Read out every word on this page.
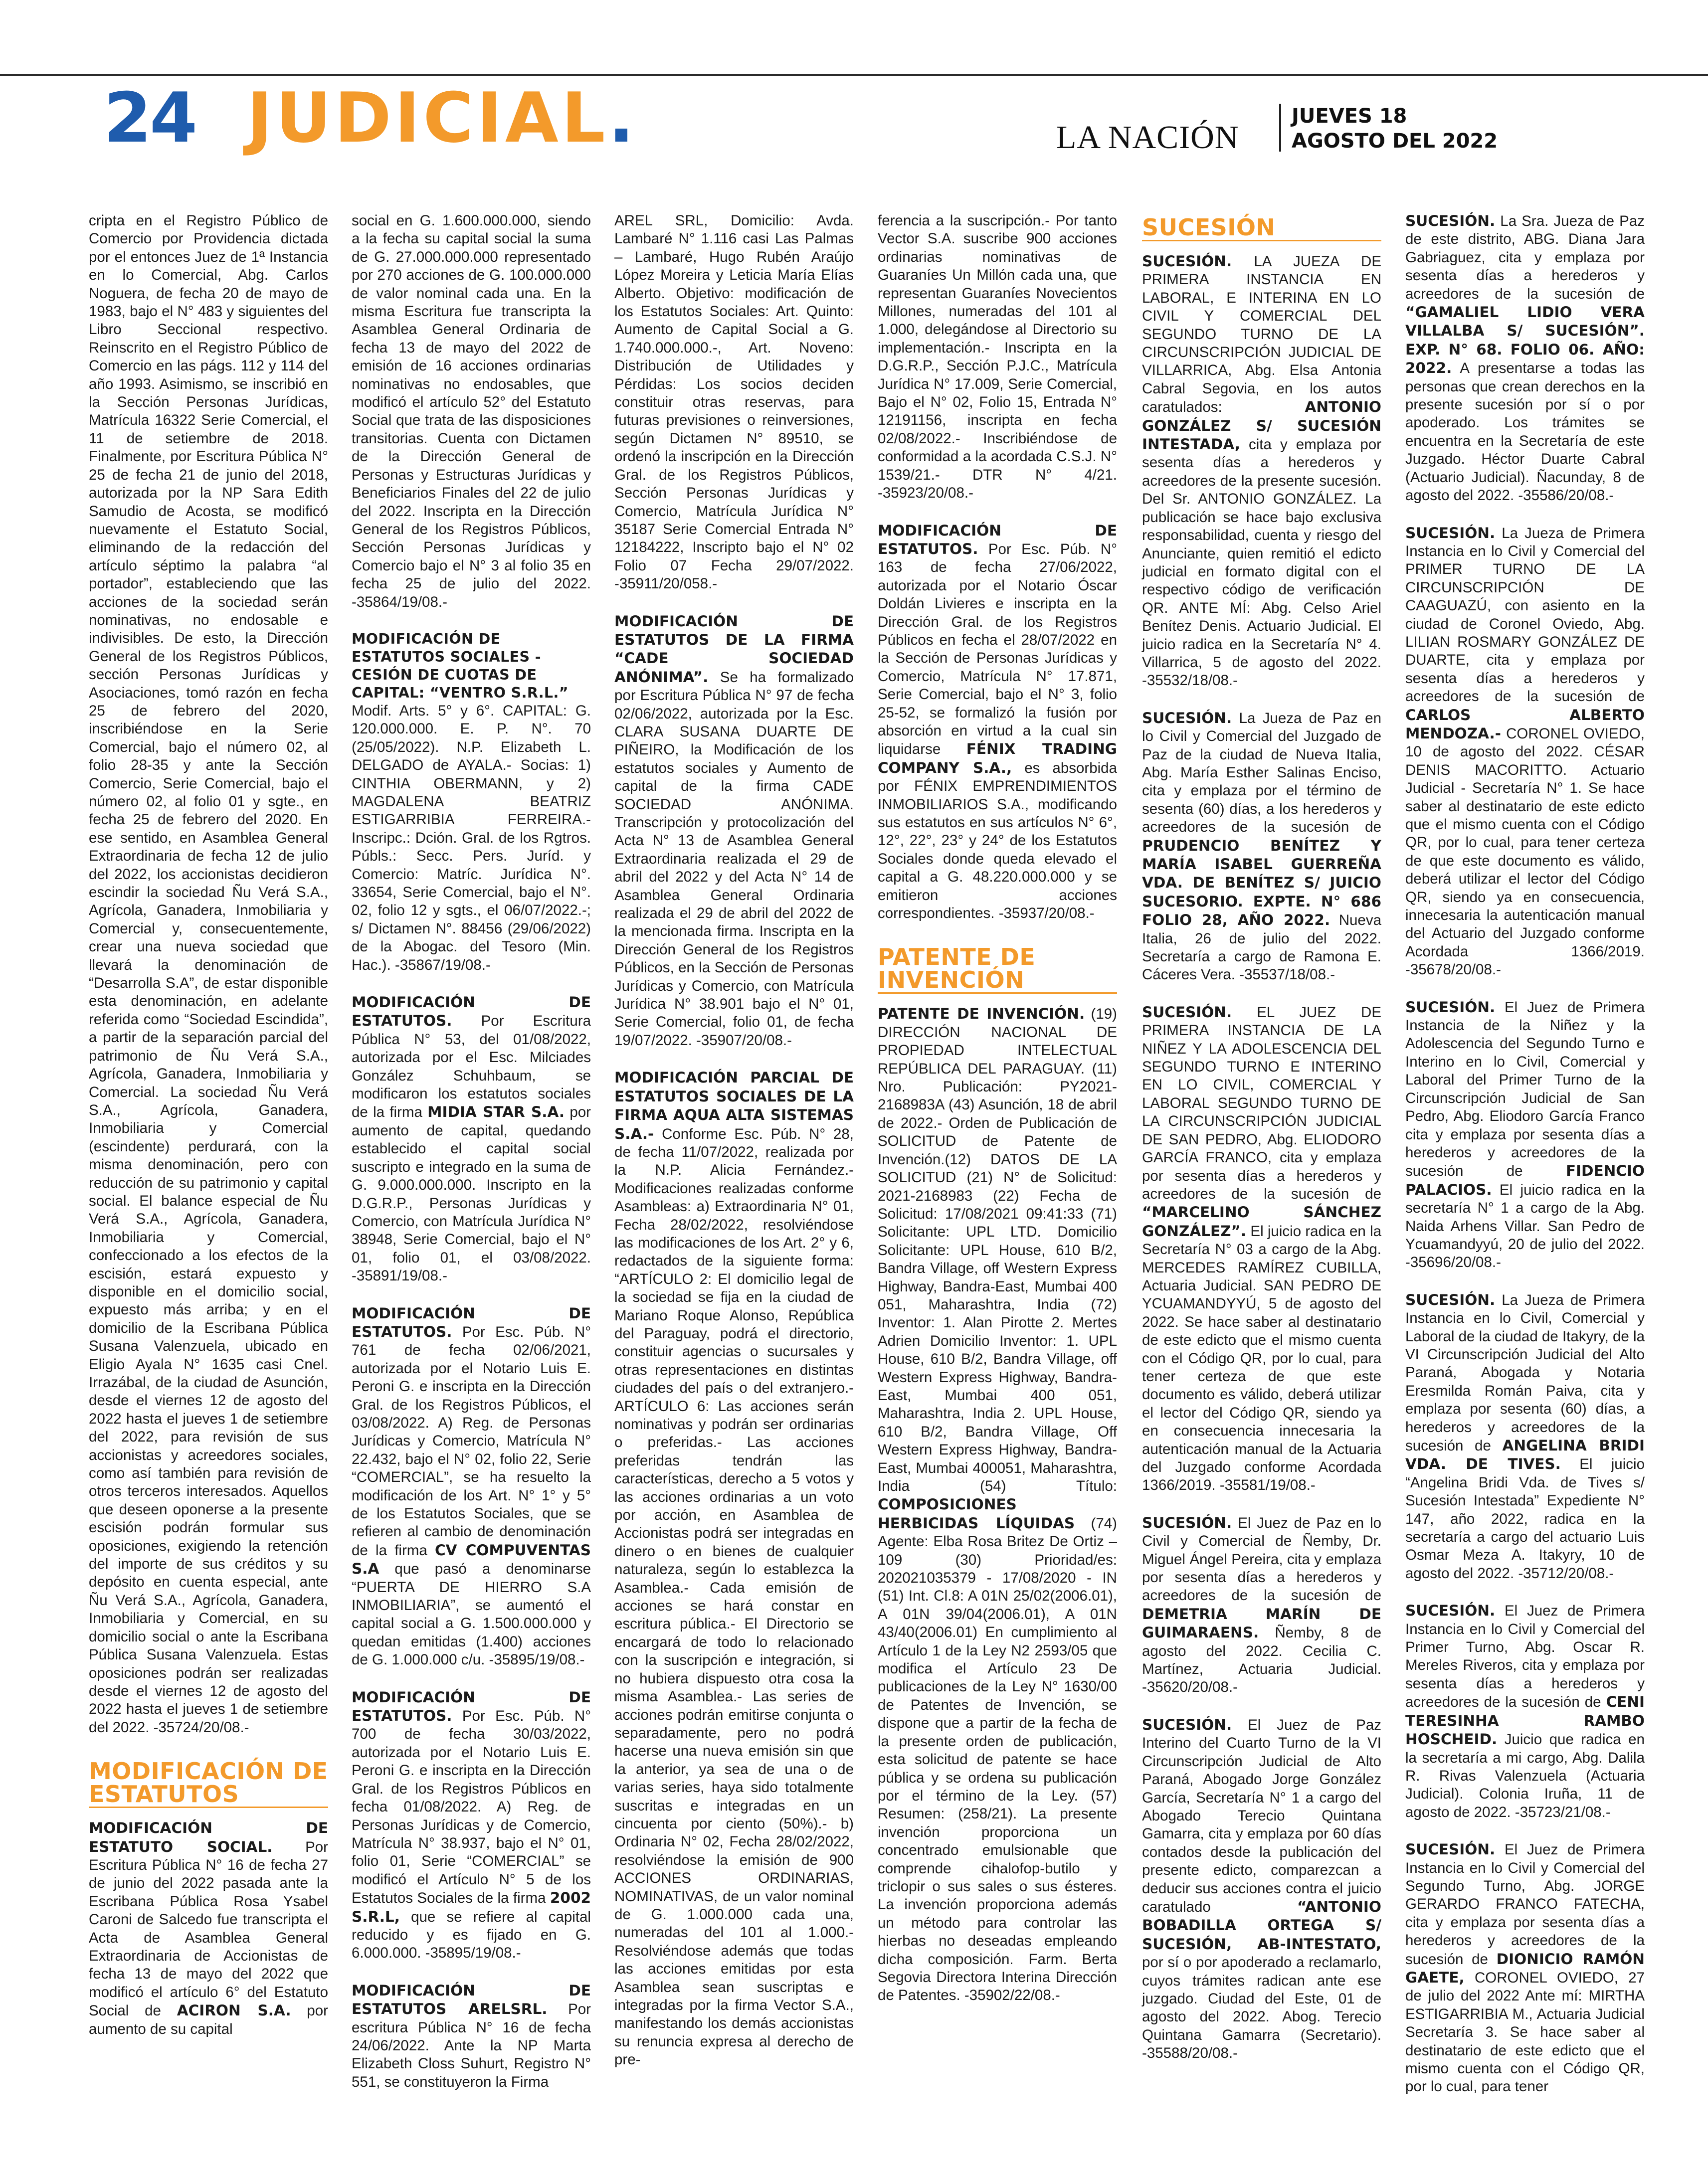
24 JUDICIAL.	LA NACIÓN
JUEVES 18
AGOSTO DEL 2022

cripta en el Registro Público de Comercio por Providencia dictada por el entonces Juez de 1ª Instancia en lo Comercial, Abg. Carlos Noguera, de fecha 20 de mayo de 1983, bajo el N° 483 y siguientes del Libro Seccional respectivo. Reinscrito en el Registro Público de Comercio en las págs. 112 y 114 del año 1993. Asimismo, se inscribió en la Sección Personas Jurídicas, Matrícula 16322 Serie Comercial, el 11 de setiembre de 2018. Finalmente, por Escritura Pública N° 25 de fecha 21 de junio del 2018, autorizada por la NP Sara Edith Samudio de Acosta, se modificó nuevamente el Estatuto Social, eliminando de la redacción del artículo séptimo la palabra “al portador”, estableciendo que las acciones de la sociedad serán nominativas, no endosable e indivisibles. De esto, la Dirección General de los Registros Públicos, sección Personas Jurídicas y Asociaciones, tomó razón en fecha 25 de febrero del 2020, inscribiéndose en la Serie Comercial, bajo el número 02, al folio 28-35 y ante la Sección Comercio, Serie Comercial, bajo el número 02, al folio 01 y sgte., en fecha 25 de febrero del 2020. En ese sentido, en Asamblea General Extraordinaria de fecha 12 de julio del 2022, los accionistas decidieron escindir la sociedad Ñu Verá S.A., Agrícola, Ganadera, Inmobiliaria y Comercial y, consecuentemente, crear una nueva sociedad que llevará la denominación de “Desarrolla S.A”, de estar disponible esta denominación, en adelante referida como “Sociedad Escindida”, a partir de la separación parcial del patrimonio de Ñu Verá S.A., Agrícola, Ganadera, Inmobiliaria y Comercial. La sociedad Ñu Verá S.A., Agrícola, Ganadera, Inmobiliaria y Comercial (escindente) perdurará, con la misma denominación, pero con reducción de su patrimonio y capital social. El balance especial de Ñu Verá S.A., Agrícola, Ganadera, Inmobiliaria y Comercial, confeccionado a los efectos de la escisión, estará expuesto y disponible en el domicilio social, expuesto más arriba; y en el domicilio de la Escribana Pública Susana Valenzuela, ubicado en Eligio Ayala N° 1635 casi Cnel. Irrazábal, de la ciudad de Asunción, desde el viernes 12 de agosto del 2022 hasta el jueves 1 de setiembre del 2022, para revisión de sus accionistas y acreedores sociales, como así también para revisión de otros terceros interesados. Aquellos que deseen oponerse a la presente escisión podrán formular sus oposiciones, exigiendo la retención del importe de sus créditos y su depósito en cuenta especial, ante Ñu Verá S.A., Agrícola, Ganadera, Inmobiliaria y Comercial, en su domicilio social o ante la Escribana Pública Susana Valenzuela. Estas oposiciones podrán ser realizadas desde el viernes 12 de agosto del 2022 hasta el jueves 1 de setiembre del 2022. -35724/20/08.-

MODIFICACIÓN DE ESTATUTOS

MODIFICACIÓN DE ESTATUTO SOCIAL. Por Escritura Pública N° 16 de fecha 27 de junio del 2022 pasada ante la Escribana Pública Rosa Ysabel Caroni de Salcedo fue transcripta el Acta de Asamblea General Extraordinaria de Accionistas de fecha 13 de mayo del 2022 que modificó el artículo 6° del Estatuto Social de ACIRON S.A. por aumento de su capital

social en G. 1.600.000.000, siendo a la fecha su capital social la suma de G. 27.000.000.000 representado por 270 acciones de G. 100.000.000 de valor nominal cada una. En la misma Escritura fue transcripta la Asamblea General Ordinaria de fecha 13 de mayo del 2022 de emisión de 16 acciones ordinarias nominativas no endosables, que modificó el artículo 52° del Estatuto Social que trata de las disposiciones transitorias. Cuenta con Dictamen de la Dirección General de Personas y Estructuras Jurídicas y Beneficiarios Finales del 22 de julio del 2022. Inscripta en la Dirección General de los Registros Públicos, Sección Personas Jurídicas y Comercio bajo el N° 3 al folio 35 en fecha 25 de julio del 2022. -35864/19/08.-

MODIFICACIÓN DE ESTATUTOS SOCIALES - CESIÓN DE CUOTAS DE CAPITAL: “VENTRO S.R.L.”

Modif. Arts. 5° y 6°. CAPITAL: G. 120.000.000. E. P. N°. 70 (25/05/2022). N.P. Elizabeth L. DELGADO de AYALA.- Socias: 1) CINTHIA OBERMANN, y 2) MAGDALENA BEATRIZ ESTIGARRIBIA FERREIRA.- Inscripc.: Dción. Gral. de los Rgtros. Públs.: Secc. Pers. Juríd. y Comercio: Matríc. Jurídica N°. 33654, Serie Comercial, bajo el N°. 02, folio 12 y sgts., el 06/07/2022.-; s/ Dictamen N°. 88456 (29/06/2022) de la Abogac. del Tesoro (Min. Hac.). -35867/19/08.-

MODIFICACIÓN DE ESTATUTOS. Por Escritura Pública N° 53, del 01/08/2022, autorizada por el Esc. Milciades González Schuhbaum, se modificaron los estatutos sociales de la firma MIDIA STAR S.A. por aumento de capital, quedando establecido el capital social suscripto e integrado en la suma de G. 9.000.000.000. Inscripto en la D.G.R.P., Personas Jurídicas y Comercio, con Matrícula Jurídica N° 38948, Serie Comercial, bajo el N° 01, folio 01, el 03/08/2022. -35891/19/08.-

MODIFICACIÓN DE ESTATUTOS. Por Esc. Púb. N° 761 de fecha 02/06/2021, autorizada por el Notario Luis E. Peroni G. e inscripta en la Dirección Gral. de los Registros Públicos, el 03/08/2022. A) Reg. de Personas Jurídicas y Comercio, Matrícula N° 22.432, bajo el N° 02, folio 22, Serie “COMERCIAL”, se ha resuelto la modificación de los Art. N° 1° y 5° de los Estatutos Sociales, que se refieren al cambio de denominación de la firma CV COMPUVENTAS S.A que pasó a denominarse “PUERTA DE HIERRO S.A INMOBILIARIA”, se aumentó el capital social a G. 1.500.000.000 y quedan emitidas (1.400) acciones de G. 1.000.000 c/u. -35895/19/08.-

MODIFICACIÓN DE ESTATUTOS. Por Esc. Púb. N° 700 de fecha 30/03/2022, autorizada por el Notario Luis E. Peroni G. e inscripta en la Dirección Gral. de los Registros Públicos en fecha 01/08/2022. A) Reg. de Personas Jurídicas y de Comercio, Matrícula N° 38.937, bajo el N° 01, folio 01, Serie “COMERCIAL” se modificó el Artículo N° 5 de los Estatutos Sociales de la firma 2002 S.R.L, que se refiere al capital reducido y es fijado en G. 6.000.000. -35895/19/08.-

MODIFICACIÓN DE ESTATUTOS ARELSRL. Por escritura Pública N° 16 de fecha 24/06/2022. Ante la NP Marta Elizabeth Closs Suhurt, Registro N° 551, se constituyeron la Firma

AREL SRL, Domicilio: Avda. Lambaré N° 1.116 casi Las Palmas – Lambaré, Hugo Rubén Araújo López Moreira y Leticia María Elías Alberto. Objetivo: modificación de los Estatutos Sociales: Art. Quinto: Aumento de Capital Social a G. 1.740.000.000.-, Art. Noveno: Distribución de Utilidades y Pérdidas: Los socios deciden constituir otras reservas, para futuras previsiones o reinversiones, según Dictamen N° 89510, se ordenó la inscripción en la Dirección Gral. de los Registros Públicos, Sección Personas Jurídicas y Comercio, Matrícula Jurídica N° 35187 Serie Comercial Entrada N° 12184222, Inscripto bajo el N° 02 Folio 07 Fecha 29/07/2022. -35911/20/058.-

MODIFICACIÓN DE ESTATUTOS DE LA FIRMA “CADE SOCIEDAD ANÓNIMA”. Se ha formalizado por Escritura Pública N° 97 de fecha 02/06/2022, autorizada por la Esc. CLARA SUSANA DUARTE DE PIÑEIRO, la Modificación de los estatutos sociales y Aumento de capital de la firma CADE SOCIEDAD ANÓNIMA. Transcripción y protocolización del Acta N° 13 de Asamblea General Extraordinaria realizada el 29 de abril del 2022 y del Acta N° 14 de Asamblea General Ordinaria realizada el 29 de abril del 2022 de la mencionada firma. Inscripta en la Dirección General de los Registros Públicos, en la Sección de Personas Jurídicas y Comercio, con Matrícula Jurídica N° 38.901 bajo el N° 01, Serie Comercial, folio 01, de fecha 19/07/2022. -35907/20/08.-

MODIFICACIÓN PARCIAL DE ESTATUTOS SOCIALES DE LA FIRMA AQUA ALTA SISTEMAS S.A.- Conforme Esc. Púb. N° 28, de fecha 11/07/2022, realizada por la N.P. Alicia Fernández.- Modificaciones realizadas conforme Asambleas: a) Extraordinaria N° 01, Fecha 28/02/2022, resolviéndose las modificaciones de los Art. 2° y 6, redactados de la siguiente forma: “ARTÍCULO 2: El domicilio legal de la sociedad se fija en la ciudad de Mariano Roque Alonso, República del Paraguay, podrá el directorio, constituir agencias o sucursales y otras representaciones en distintas ciudades del país o del extranjero.- ARTÍCULO 6: Las acciones serán nominativas y podrán ser ordinarias o preferidas.- Las acciones preferidas tendrán las características, derecho a 5 votos y las acciones ordinarias a un voto por acción, en Asamblea de Accionistas podrá ser integradas en dinero o en bienes de cualquier naturaleza, según lo establezca la Asamblea.- Cada emisión de acciones se hará constar en escritura pública.- El Directorio se encargará de todo lo relacionado con la suscripción e integración, si no hubiera dispuesto otra cosa la misma Asamblea.- Las series de acciones podrán emitirse conjunta o separadamente, pero no podrá hacerse una nueva emisión sin que la anterior, ya sea de una o de varias series, haya sido totalmente suscritas e integradas en un cincuenta por ciento (50%).- b) Ordinaria N° 02, Fecha 28/02/2022, resolviéndose la emisión de 900 ACCIONES ORDINARIAS, NOMINATIVAS, de un valor nominal de G. 1.000.000 cada una, numeradas del 101 al 1.000.- Resolviéndose además que todas las acciones emitidas por esta Asamblea sean suscriptas e integradas por la firma Vector S.A., manifestando los demás accionistas su renuncia expresa al derecho de pre-

ferencia a la suscripción.- Por tanto Vector S.A. suscribe 900 acciones ordinarias nominativas de Guaraníes Un Millón cada una, que representan Guaraníes Novecientos Millones, numeradas del 101 al 1.000, delegándose al Directorio su implementación.- Inscripta en la D.G.R.P., Sección P.J.C., Matrícula Jurídica N° 17.009, Serie Comercial, Bajo el N° 02, Folio 15, Entrada N° 12191156, inscripta en fecha 02/08/2022.- Inscribiéndose de conformidad a la acordada C.S.J. N° 1539/21.- DTR N° 4/21. -35923/20/08.-

MODIFICACIÓN DE ESTATUTOS. Por Esc. Púb. N° 163 de fecha 27/06/2022, autorizada por el Notario Óscar Doldán Livieres e inscripta en la Dirección Gral. de los Registros Públicos en fecha el 28/07/2022 en la Sección de Personas Jurídicas y Comercio, Matrícula N° 17.871, Serie Comercial, bajo el N° 3, folio 25-52, se formalizó la fusión por absorción en virtud a la cual sin liquidarse FÉNIX TRADING COMPANY S.A., es absorbida por FÉNIX EMPRENDIMIENTOS INMOBILIARIOS S.A., modificando sus estatutos en sus artículos N° 6°, 12°, 22°, 23° y 24° de los Estatutos Sociales donde queda elevado el capital a G. 48.220.000.000 y se emitieron acciones correspondientes. -35937/20/08.-

PATENTE DE INVENCIÓN

PATENTE DE INVENCIÓN. (19) DIRECCIÓN NACIONAL DE PROPIEDAD INTELECTUAL REPÚBLICA DEL PARAGUAY. (11) Nro. Publicación: PY2021-2168983A (43) Asunción, 18 de abril de 2022.- Orden de Publicación de SOLICITUD de Patente de Invención.(12) DATOS DE LA SOLICITUD (21) N° de Solicitud: 2021-2168983 (22) Fecha de Solicitud: 17/08/2021 09:41:33 (71) Solicitante: UPL LTD. Domicilio Solicitante: UPL House, 610 B/2, Bandra Village, off Western Express Highway, Bandra-East, Mumbai 400 051, Maharashtra, India (72) Inventor: 1. Alan Pirotte 2. Mertes Adrien Domicilio Inventor: 1. UPL House, 610 B/2, Bandra Village, off Western Express Highway, Bandra-East, Mumbai 400 051, Maharashtra, India 2. UPL House, 610 B/2, Bandra Village, Off Western Express Highway, Bandra-East, Mumbai 400051, Maharashtra, India (54) Título: COMPOSICIONES HERBICIDAS LÍQUIDAS (74) Agente: Elba Rosa Britez De Ortiz – 109 (30) Prioridad/es: 202021035379 - 17/08/2020 - IN (51) Int. Cl.8: A 01N 25/02(2006.01), A 01N 39/04(2006.01), A 01N 43/40(2006.01) En cumplimiento al Artículo 1 de la Ley N2 2593/05 que modifica el Artículo 23 De publicaciones de la Ley N° 1630/00 de Patentes de Invención, se dispone que a partir de la fecha de la presente orden de publicación, esta solicitud de patente se hace pública y se ordena su publicación por el término de la Ley. (57) Resumen: (258/21). La presente invención proporciona un concentrado emulsionable que comprende cihalofop-butilo y triclopir o sus sales o sus ésteres. La invención proporciona además un método para controlar las hierbas no deseadas empleando dicha composición. Farm. Berta Segovia Directora Interina Dirección de Patentes. -35902/22/08.-

SUCESIÓN

SUCESIÓN. LA JUEZA DE PRIMERA INSTANCIA EN LABORAL, E INTERINA EN LO CIVIL Y COMERCIAL DEL SEGUNDO TURNO DE LA CIRCUNSCRIPCIÓN JUDICIAL DE VILLARRICA, Abg. Elsa Antonia Cabral Segovia, en los autos caratulados: ANTONIO GONZÁLEZ S/ SUCESIÓN INTESTADA, cita y emplaza por sesenta días a herederos y acreedores de la presente sucesión. Del Sr. ANTONIO GONZÁLEZ. La publicación se hace bajo exclusiva responsabilidad, cuenta y riesgo del Anunciante, quien remitió el edicto judicial en formato digital con el respectivo código de verificación QR. ANTE MÍ: Abg. Celso Ariel Benítez Denis. Actuario Judicial. El juicio radica en la Secretaría N° 4. Villarrica, 5 de agosto del 2022. -35532/18/08.-

SUCESIÓN. La Jueza de Paz en lo Civil y Comercial del Juzgado de Paz de la ciudad de Nueva Italia, Abg. María Esther Salinas Enciso, cita y emplaza por el término de sesenta (60) días, a los herederos y acreedores de la sucesión de PRUDENCIO BENÍTEZ Y MARÍA ISABEL GUERREÑA VDA. DE BENÍTEZ S/ JUICIO SUCESORIO. EXPTE. N° 686 FOLIO 28, AÑO 2022. Nueva Italia, 26 de julio del 2022. Secretaría a cargo de Ramona E. Cáceres Vera. -35537/18/08.-

SUCESIÓN. EL JUEZ DE PRIMERA INSTANCIA DE LA NIÑEZ Y LA ADOLESCENCIA DEL SEGUNDO TURNO E INTERINO EN LO CIVIL, COMERCIAL Y LABORAL SEGUNDO TURNO DE LA CIRCUNSCRIPCIÓN JUDICIAL DE SAN PEDRO, Abg. ELIODORO GARCÍA FRANCO, cita y emplaza por sesenta días a herederos y acreedores de la sucesión de “MARCELINO SÁNCHEZ GONZÁLEZ”. El juicio radica en la Secretaría N° 03 a cargo de la Abg. MERCEDES RAMÍREZ CUBILLA, Actuaria Judicial. SAN PEDRO DE YCUAMANDYYÚ, 5 de agosto del 2022. Se hace saber al destinatario de este edicto que el mismo cuenta con el Código QR, por lo cual, para tener certeza de que este documento es válido, deberá utilizar el lector del Código QR, siendo ya en consecuencia innecesaria la autenticación manual de la Actuaria del Juzgado conforme Acordada 1366/2019. -35581/19/08.-

SUCESIÓN. El Juez de Paz en lo Civil y Comercial de Ñemby, Dr. Miguel Ángel Pereira, cita y emplaza por sesenta días a herederos y acreedores de la sucesión de DEMETRIA MARÍN DE GUIMARAENS. Ñemby, 8 de agosto del 2022. Cecilia C. Martínez, Actuaria Judicial. -35620/20/08.-

SUCESIÓN. El Juez de Paz Interino del Cuarto Turno de la VI Circunscripción Judicial de Alto Paraná, Abogado Jorge González García, Secretaría N° 1 a cargo del Abogado Terecio Quintana Gamarra, cita y emplaza por 60 días contados desde la publicación del presente edicto, comparezcan a deducir sus acciones contra el juicio caratulado “ANTONIO BOBADILLA ORTEGA S/ SUCESIÓN, AB-INTESTATO, por sí o por apoderado a reclamarlo, cuyos trámites radican ante ese juzgado. Ciudad del Este, 01 de agosto del 2022. Abog. Terecio Quintana Gamarra (Secretario). -35588/20/08.-

SUCESIÓN. La Sra. Jueza de Paz de este distrito, ABG. Diana Jara Gabriaguez, cita y emplaza por sesenta días a herederos y acreedores de la sucesión de “GAMALIEL LIDIO VERA VILLALBA S/ SUCESIÓN”. EXP. N° 68. FOLIO 06. AÑO: 2022. A presentarse a todas las personas que crean derechos en la presente sucesión por sí o por apoderado. Los trámites se encuentra en la Secretaría de este Juzgado. Héctor Duarte Cabral (Actuario Judicial). Ñacunday, 8 de agosto del 2022. -35586/20/08.-

SUCESIÓN. La Jueza de Primera Instancia en lo Civil y Comercial del PRIMER TURNO DE LA CIRCUNSCRIPCIÓN DE CAAGUAZÚ, con asiento en la ciudad de Coronel Oviedo, Abg. LILIAN ROSMARY GONZÁLEZ DE DUARTE, cita y emplaza por sesenta días a herederos y acreedores de la sucesión de CARLOS ALBERTO MENDOZA.- CORONEL OVIEDO, 10 de agosto del 2022. CÉSAR DENIS MACORITTO. Actuario Judicial - Secretaría N° 1. Se hace saber al destinatario de este edicto que el mismo cuenta con el Código QR, por lo cual, para tener certeza de que este documento es válido, deberá utilizar el lector del Código QR, siendo ya en consecuencia, innecesaria la autenticación manual del Actuario del Juzgado conforme Acordada 1366/2019. -35678/20/08.-

SUCESIÓN. El Juez de Primera Instancia de la Niñez y la Adolescencia del Segundo Turno e Interino en lo Civil, Comercial y Laboral del Primer Turno de la Circunscripción Judicial de San Pedro, Abg. Eliodoro García Franco cita y emplaza por sesenta días a herederos y acreedores de la sucesión de FIDENCIO PALACIOS. El juicio radica en la secretaría N° 1 a cargo de la Abg. Naida Arhens Villar. San Pedro de Ycuamandyyú, 20 de julio del 2022. -35696/20/08.-

SUCESIÓN. La Jueza de Primera Instancia en lo Civil, Comercial y Laboral de la ciudad de Itakyry, de la VI Circunscripción Judicial del Alto Paraná, Abogada y Notaria Eresmilda Román Paiva, cita y emplaza por sesenta (60) días, a herederos y acreedores de la sucesión de ANGELINA BRIDI VDA. DE TIVES. El juicio “Angelina Bridi Vda. de Tives s/ Sucesión Intestada” Expediente N° 147, año 2022, radica en la secretaría a cargo del actuario Luis Osmar Meza A. Itakyry, 10 de agosto del 2022. -35712/20/08.-

SUCESIÓN. El Juez de Primera Instancia en lo Civil y Comercial del Primer Turno, Abg. Oscar R. Mereles Riveros, cita y emplaza por sesenta días a herederos y acreedores de la sucesión de CENI TERESINHA RAMBO HOSCHEID. Juicio que radica en la secretaría a mi cargo, Abg. Dalila R. Rivas Valenzuela (Actuaria Judicial). Colonia Iruña, 11 de agosto de 2022. -35723/21/08.-

SUCESIÓN. El Juez de Primera Instancia en lo Civil y Comercial del Segundo Turno, Abg. JORGE GERARDO FRANCO FATECHA, cita y emplaza por sesenta días a herederos y acreedores de la sucesión de DIONICIO RAMÓN GAETE, CORONEL OVIEDO, 27 de julio del 2022 Ante mí: MIRTHA ESTIGARRIBIA M., Actuaria Judicial Secretaría 3. Se hace saber al destinatario de este edicto que el mismo cuenta con el Código QR, por lo cual, para tener
